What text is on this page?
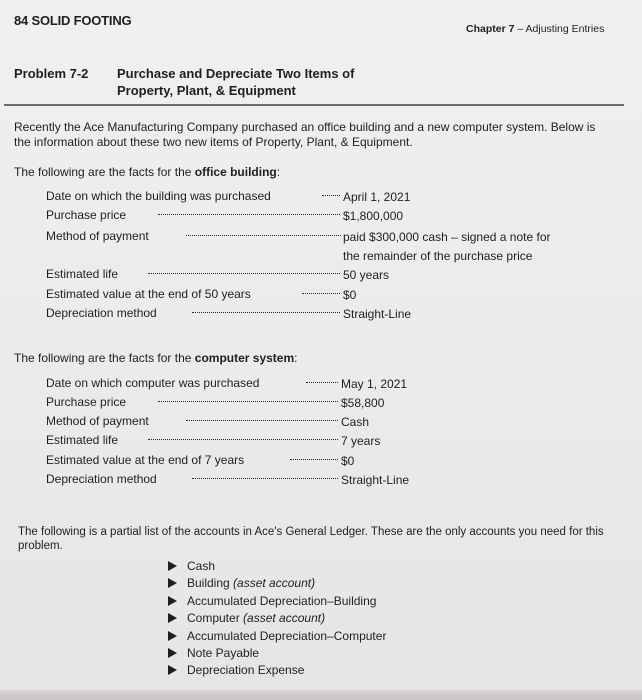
84 SOLID FOOTING
Chapter 7 – Adjusting Entries
Problem 7-2 Purchase and Depreciate Two Items of
Property, Plant, & Equipment
Recently the Ace Manufacturing Company purchased an office building and a new computer system. Below is the information about these two new items of Property, Plant, & Equipment.
The following are the facts for the office building:
Date on which the building was purchased	April 1, 2021
Purchase price	$1,800,000
Method of payment	paid $300,000 cash – signed a note for
the remainder of the purchase price
Estimated life	50 years
Estimated value at the end of 50 years	$0
Depreciation method	Straight-Line
The following are the facts for the computer system:
Date on which computer was purchased	May 1, 2021
Purchase price	$58,800
Method of payment	Cash
Estimated life	7 years
Estimated value at the end of 7 years	$0
Depreciation method	Straight-Line
The following is a partial list of the accounts in Ace's General Ledger. These are the only accounts you need for this problem.
Cash
Building (asset account)
Accumulated Depreciation–Building
Computer (asset account)
Accumulated Depreciation–Computer
Note Payable
Depreciation Expense
